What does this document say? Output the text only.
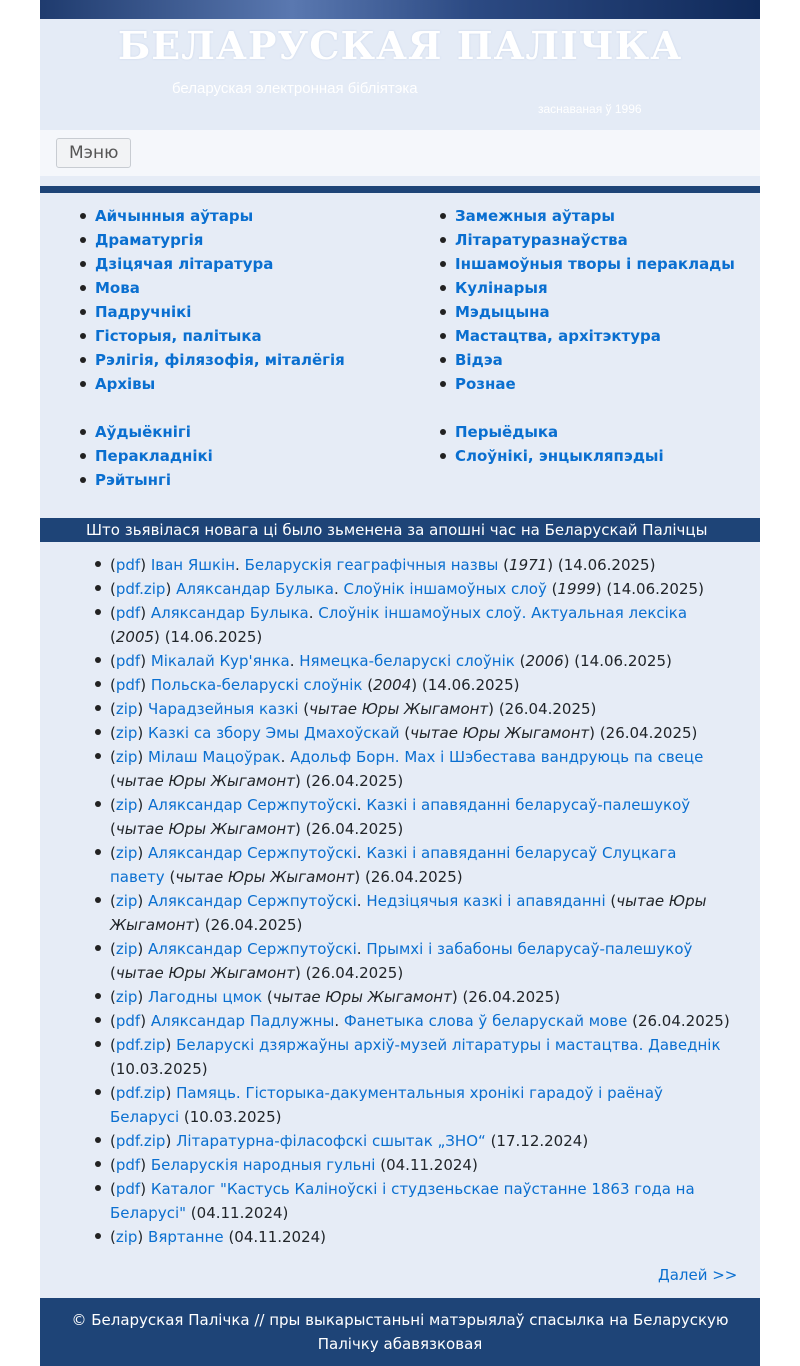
БЕЛАРУСКАЯ ПАЛІЧКА
беларуская электронная бібліятэка
заснаваная ў 1996
Мэню
Айчынныя аўтары
Драматургія
Дзіцячая літаратура
Мова
Падручнікі
Гісторыя, палітыка
Рэлігія, філязофія, міталёгія
Архівы
Замежныя аўтары
Літаратуразнаўства
Іншамоўныя творы і пераклады
Кулінарыя
Мэдыцына
Мастацтва, архітэктура
Відэа
Рознае
Аўдыёкнігі
Перакладнікі
Рэйтынгі
Перыёдыка
Слоўнікі, энцыкляпэдыі
Што зьявілася новага ці было зьменена за апошні час на Беларускай Палічцы
(pdf) Іван Яшкін. Беларускія геаграфічныя назвы (1971) (14.06.2025)
(pdf.zip) Аляксандар Булыка. Слоўнік іншамоўных слоў (1999) (14.06.2025)
(pdf) Аляксандар Булыка. Слоўнік іншамоўных слоў. Актуальная лексіка (2005) (14.06.2025)
(pdf) Мікалай Кур'янка. Нямецка-беларускі слоўнік (2006) (14.06.2025)
(pdf) Польска-беларускі слоўнік (2004) (14.06.2025)
(zip) Чарадзейныя казкі (чытае Юры Жыгамонт) (26.04.2025)
(zip) Казкі са зборy Эмы Дмахоўскай (чытае Юры Жыгамонт) (26.04.2025)
(zip) Мілаш Мацоўрак. Адольф Борн. Мах і Шэбестава вандруюць па свеце (чытае Юры Жыгамонт) (26.04.2025)
(zip) Аляксандар Сержпутоўскі. Казкі і апавяданні беларусаў-палешукоў (чытае Юры Жыгамонт) (26.04.2025)
(zip) Аляксандар Сержпутоўскі. Казкі і апавяданні беларусаў Слуцкага павету (чытае Юры Жыгамонт) (26.04.2025)
(zip) Аляксандар Сержпутоўскі. Недзіцячыя казкі і апавяданні (чытае Юры Жыгамонт) (26.04.2025)
(zip) Аляксандар Сержпутоўскі. Прымхі і забабоны беларусаў-палешукоў (чытае Юры Жыгамонт) (26.04.2025)
(zip) Лагодны цмок (чытае Юры Жыгамонт) (26.04.2025)
(pdf) Аляксандар Падлужны. Фанетыка слова ў беларускай мове (26.04.2025)
(pdf.zip) Беларускі дзяржаўны архіў-музей літаратуры і мастацтва. Даведнік (10.03.2025)
(pdf.zip) Памяць. Гісторыка-дакументальныя хронікі гарадоў і раёнаў Беларусі (10.03.2025)
(pdf.zip) Літаратурна-філасофскі сшытак „ЗНО“ (17.12.2024)
(pdf) Беларускія народныя гульні (04.11.2024)
(pdf) Каталог "Кастусь Каліноўскі і студзеньскае паўстанне 1863 года на Беларусі" (04.11.2024)
(zip) Вяртанне (04.11.2024)
Далей >>

© Беларуская Палічка // пры выкарыстаньні матэрыялаў спасылка на Беларускую Палічку абавязковая
